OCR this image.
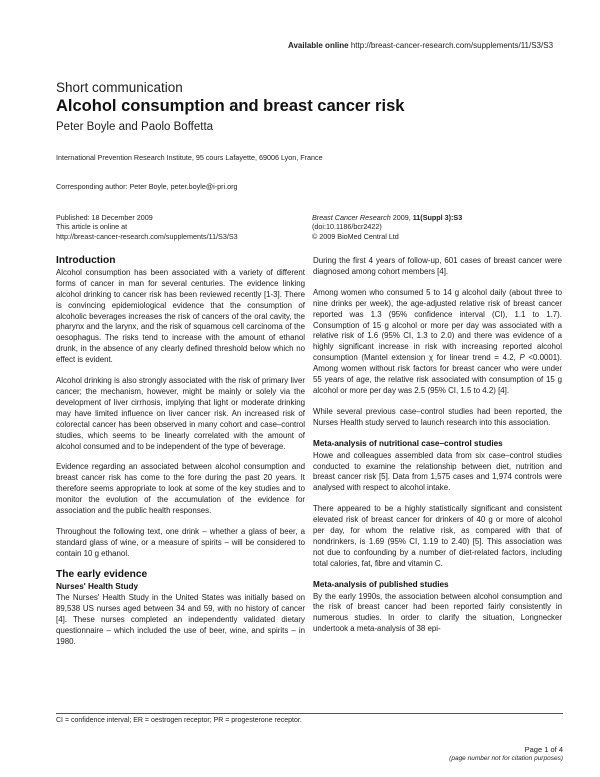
Available online http://breast-cancer-research.com/supplements/11/S3/S3
Short communication
Alcohol consumption and breast cancer risk
Peter Boyle and Paolo Boffetta
International Prevention Research Institute, 95 cours Lafayette, 69006 Lyon, France
Corresponding author: Peter Boyle, peter.boyle@i-pri.org
Published: 18 December 2009
This article is online at
http://breast-cancer-research.com/supplements/11/S3/S3
Breast Cancer Research 2009, 11(Suppl 3):S3
(doi:10.1186/bcr2422)
© 2009 BioMed Central Ltd
Introduction

Alcohol consumption has been associated with a variety of different forms of cancer in man for several centuries. The evidence linking alcohol drinking to cancer risk has been reviewed recently [1-3]. There is convincing epidemiological evidence that the consumption of alcoholic beverages increases the risk of cancers of the oral cavity, the pharynx and the larynx, and the risk of squamous cell carcinoma of the oesophagus. The risks tend to increase with the amount of ethanol drunk, in the absence of any clearly defined threshold below which no effect is evident.

Alcohol drinking is also strongly associated with the risk of primary liver cancer; the mechanism, however, might be mainly or solely via the development of liver cirrhosis, implying that light or moderate drinking may have limited influence on liver cancer risk. An increased risk of colorectal cancer has been observed in many cohort and case–control studies, which seems to be linearly correlated with the amount of alcohol consumed and to be independent of the type of beverage.

Evidence regarding an associated between alcohol consumption and breast cancer risk has come to the fore during the past 20 years. It therefore seems appropriate to look at some of the key studies and to monitor the evolution of the accumulation of the evidence for association and the public health responses.

Throughout the following text, one drink – whether a glass of beer, a standard glass of wine, or a measure of spirits – will be considered to contain 10 g ethanol.

The early evidence
Nurses' Health Study

The Nurses' Health Study in the United States was initially based on 89,538 US nurses aged between 34 and 59, with no history of cancer [4]. These nurses completed an independently validated dietary questionnaire – which included the use of beer, wine, and spirits – in 1980.

During the first 4 years of follow-up, 601 cases of breast cancer were diagnosed among cohort members [4].

Among women who consumed 5 to 14 g alcohol daily (about three to nine drinks per week), the age-adjusted relative risk of breast cancer reported was 1.3 (95% confidence interval (CI), 1.1 to 1.7). Consumption of 15 g alcohol or more per day was associated with a relative risk of 1.6 (95% CI, 1.3 to 2.0) and there was evidence of a highly significant increase in risk with increasing reported alcohol consumption (Mantel extension χ for linear trend = 4.2, P <0.0001). Among women without risk factors for breast cancer who were under 55 years of age, the relative risk associated with consumption of 15 g alcohol or more per day was 2.5 (95% CI, 1.5 to 4.2) [4].

While several previous case–control studies had been reported, the Nurses Health study served to launch research into this association.

Meta-analysis of nutritional case–control studies

Howe and colleagues assembled data from six case–control studies conducted to examine the relationship between diet, nutrition and breast cancer risk [5]. Data from 1,575 cases and 1,974 controls were analysed with respect to alcohol intake.

There appeared to be a highly statistically significant and consistent elevated risk of breast cancer for drinkers of 40 g or more of alcohol per day, for whom the relative risk, as compared with that of nondrinkers, is 1.69 (95% CI, 1.19 to 2.40) [5]. This association was not due to confounding by a number of diet-related factors, including total calories, fat, fibre and vitamin C.

Meta-analysis of published studies

By the early 1990s, the association between alcohol consumption and the risk of breast cancer had been reported fairly consistently in numerous studies. In order to clarify the situation, Longnecker undertook a meta-analysis of 38 epi-

CI = confidence interval; ER = oestrogen receptor; PR = progesterone receptor.
Page 1 of 4
(page number not for citation purposes)
